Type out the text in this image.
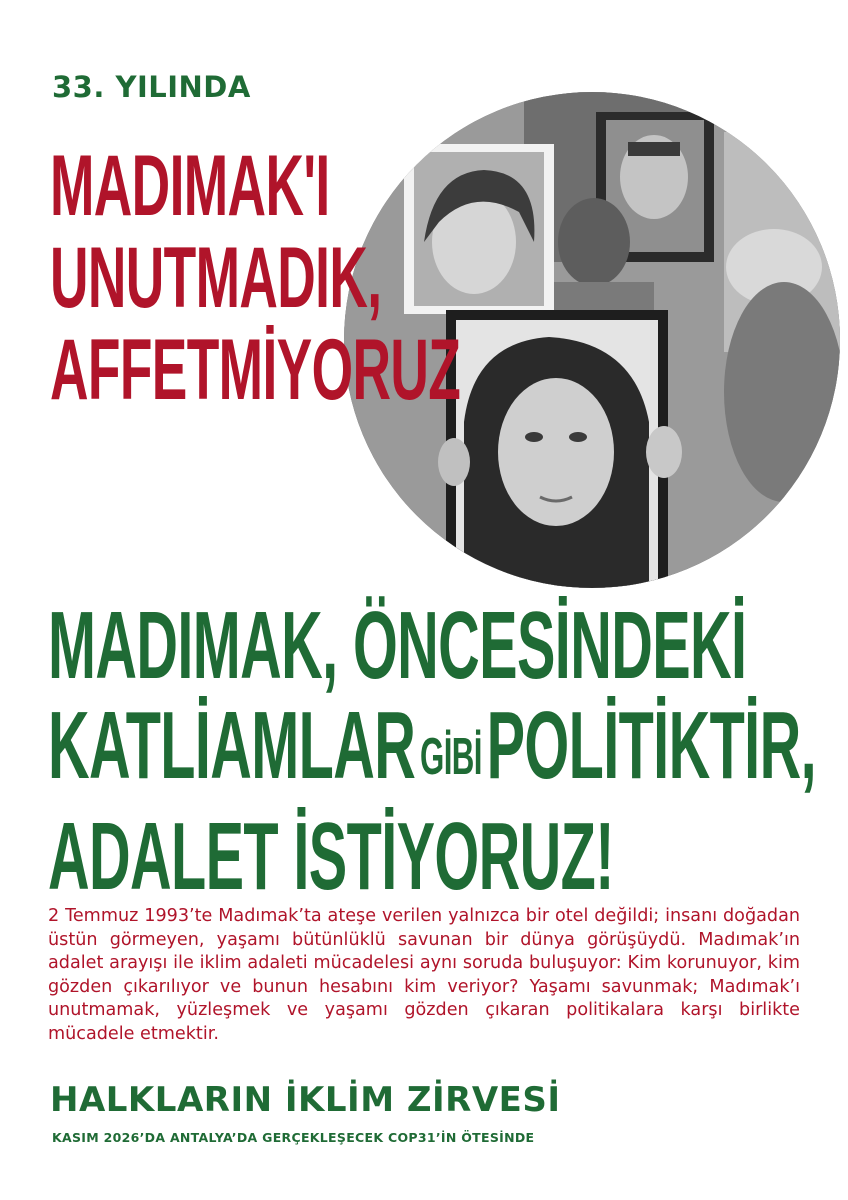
33. YILINDA
MADIMAK'I
UNUTMADIK,
AFFETMİYORUZ
MADIMAK, ÖNCESİNDEKİ
KATLİAMLARGİBİPOLİTİKTİR,
ADALET İSTİYORUZ!
2 Temmuz 1993’te Madımak’ta ateşe verilen yalnızca bir otel değildi; insanı doğadan üstün görmeyen, yaşamı bütünlüklü savunan bir dünya görüşüydü. Madımak’ın adalet arayışı ile iklim adaleti mücadelesi aynı soruda buluşuyor: Kim korunuyor, kim gözden çıkarılıyor ve bunun hesabını kim veriyor? Yaşamı savunmak; Madımak’ı unutmamak, yüzleşmek ve yaşamı gözden çıkaran politikalara karşı birlikte mücadele etmektir.
HALKLARIN İKLİM ZİRVESİ
KASIM 2026’DA ANTALYA’DA GERÇEKLEŞECEK COP31’İN ÖTESİNDE
